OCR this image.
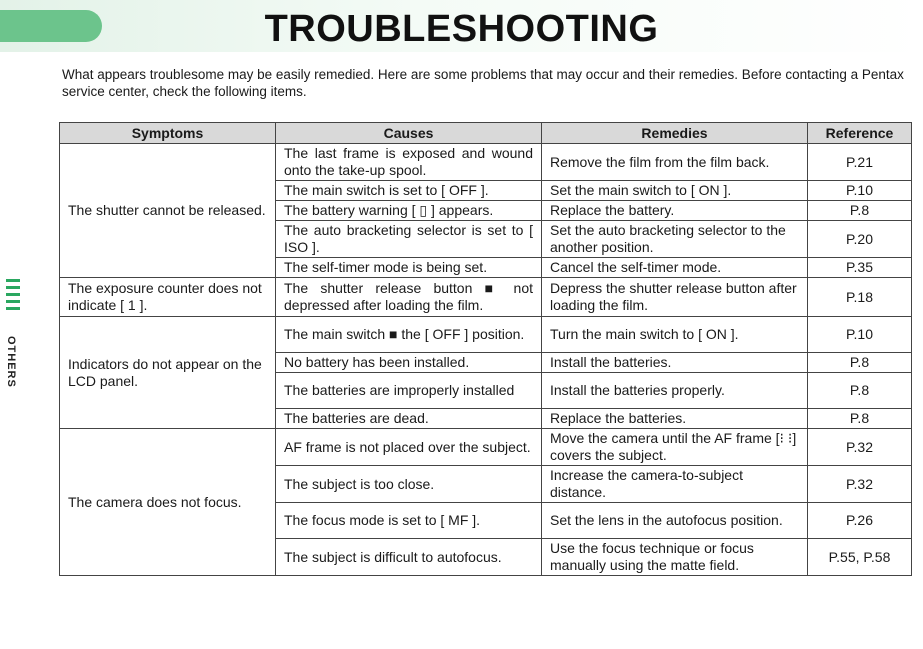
TROUBLESHOOTING
What appears troublesome may be easily remedied. Here are some problems that may occur and their remedies. Before contacting a Pentax service center, check the following items.
OTHERS
Symptoms	Causes	Remedies	Reference
The shutter cannot be released.	The last frame is exposed and wound onto the take-up spool.	Remove the film from the film back.	P.21
	The main switch is set to [ OFF ].	Set the main switch to [ ON ].	P.10
	The battery warning [ ▯ ] appears.	Replace the battery.	P.8
	The auto bracketing selector is set to [ ISO ].	Set the auto bracketing selector to the another position.	P.20
	The self-timer mode is being set.	Cancel the self-timer mode.	P.35
The exposure counter does not indicate [ 1 ].	The shutter release button ■ not depressed after loading the film.	Depress the shutter release button after loading the film.	P.18
Indicators do not appear on the LCD panel.	The main switch ■ the [ OFF ] position.	Turn the main switch to [ ON ].	P.10
	No battery has been installed.	Install the batteries.	P.8
	The batteries are improperly installed	Install the batteries properly.	P.8
	The batteries are dead.	Replace the batteries.	P.8
The camera does not focus.	AF frame is not placed over the subject.	Move the camera until the AF frame [⁝ ⁝] covers the subject.	P.32
	The subject is too close.	Increase the camera-to-subject distance.	P.32
	The focus mode is set to [ MF ].	Set the lens in the autofocus position.	P.26
	The subject is difficult to autofocus.	Use the focus technique or focus manually using the matte field.	P.55, P.58
